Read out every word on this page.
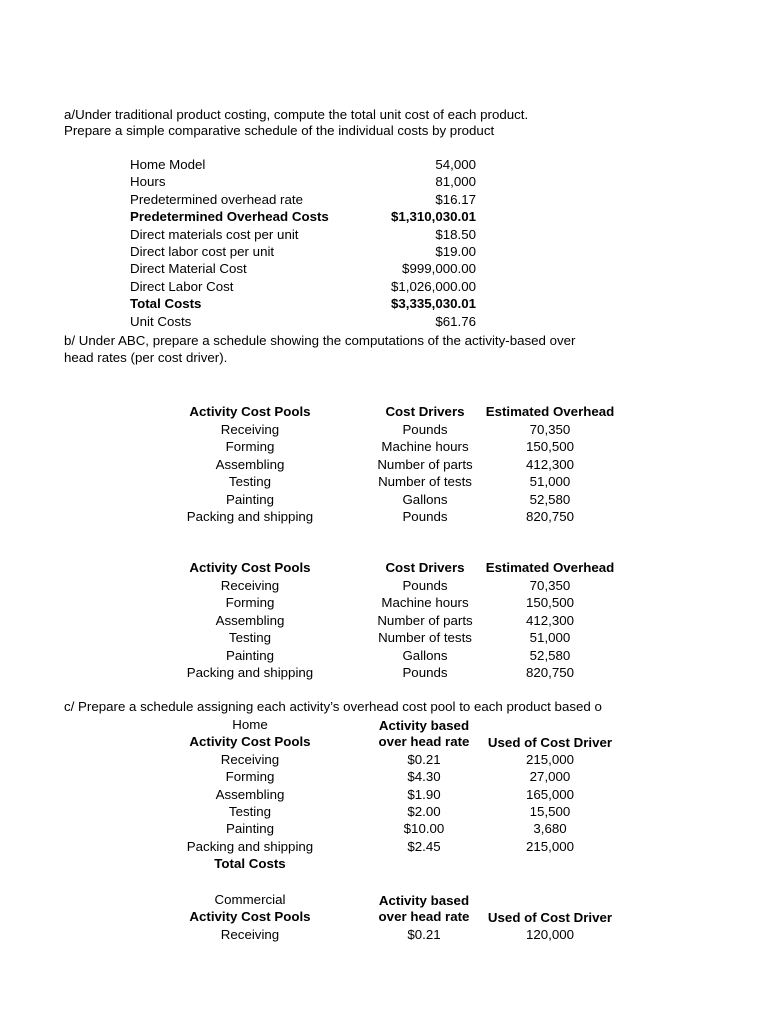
a/Under traditional product costing, compute the total unit cost of each product.
Prepare a simple comparative schedule of the individual costs by product
Home Model	54,000
Hours	81,000
Predetermined overhead rate	$16.17
Predetermined Overhead Costs	$1,310,030.01
Direct materials cost per unit	$18.50
Direct labor cost per unit	$19.00
Direct Material Cost	$999,000.00
Direct Labor Cost	$1,026,000.00
Total Costs	$3,335,030.01
Unit Costs	$61.76
b/ Under ABC, prepare a schedule showing the computations of the activity-based over
head rates (per cost driver).
Activity Cost Pools	Cost Drivers	Estimated Overhead
Receiving	Pounds	70,350
Forming	Machine hours	150,500
Assembling	Number of parts	412,300
Testing	Number of tests	51,000
Painting	Gallons	52,580
Packing and shipping	Pounds	820,750
Activity Cost Pools	Cost Drivers	Estimated Overhead
Receiving	Pounds	70,350
Forming	Machine hours	150,500
Assembling	Number of parts	412,300
Testing	Number of tests	51,000
Painting	Gallons	52,580
Packing and shipping	Pounds	820,750
c/ Prepare a schedule assigning each activity’s overhead cost pool to each product based o
Home	Activity based
Activity Cost Pools	over head rate	Used of Cost Driver
Receiving	$0.21	215,000
Forming	$4.30	27,000
Assembling	$1.90	165,000
Testing	$2.00	15,500
Painting	$10.00	3,680
Packing and shipping	$2.45	215,000
Total Costs
Commercial	Activity based
Activity Cost Pools	over head rate	Used of Cost Driver
Receiving	$0.21	120,000
